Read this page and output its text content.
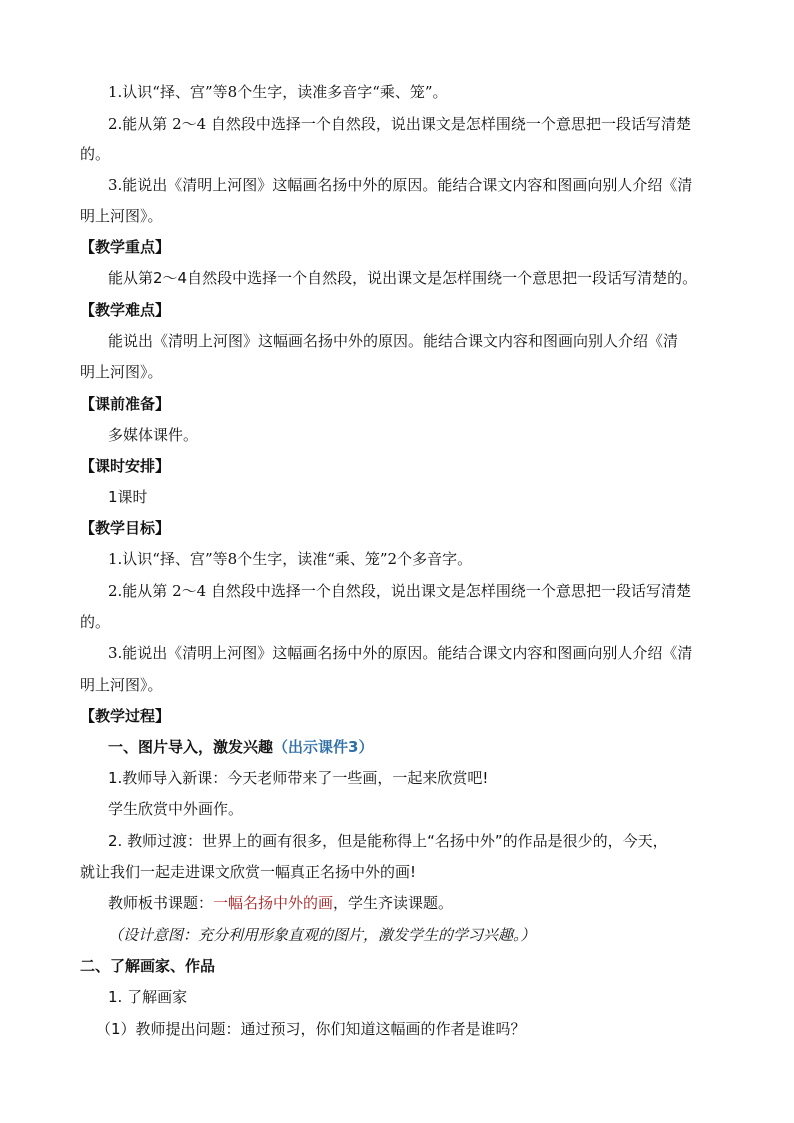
1.认识“择、宫”等8个生字，读准多音字“乘、笼”。
2.能从第 2～4 自然段中选择一个自然段，说出课文是怎样围绕一个意思把一段话写清楚
的。
3.能说出《清明上河图》这幅画名扬中外的原因。能结合课文内容和图画向别人介绍《清
明上河图》。
【教学重点】
能从第2～4自然段中选择一个自然段，说出课文是怎样围绕一个意思把一段话写清楚的。
【教学难点】
能说出《清明上河图》这幅画名扬中外的原因。能结合课文内容和图画向别人介绍《清
明上河图》。
【课前准备】
多媒体课件。
【课时安排】
1课时
【教学目标】
1.认识“择、宫”等8个生字，读准“乘、笼”2个多音字。
2.能从第 2～4 自然段中选择一个自然段，说出课文是怎样围绕一个意思把一段话写清楚
的。
3.能说出《清明上河图》这幅画名扬中外的原因。能结合课文内容和图画向别人介绍《清
明上河图》。
【教学过程】
一、图片导入，激发兴趣（出示课件3）
1.教师导入新课：今天老师带来了一些画，一起来欣赏吧!
学生欣赏中外画作。
2. 教师过渡：世界上的画有很多，但是能称得上“名扬中外”的作品是很少的，今天，
就让我们一起走进课文欣赏一幅真正名扬中外的画!
教师板书课题：一幅名扬中外的画，学生齐读课题。
（设计意图：充分利用形象直观的图片，激发学生的学习兴趣。）
二、了解画家、作品
1. 了解画家
（1）教师提出问题：通过预习，你们知道这幅画的作者是谁吗？
